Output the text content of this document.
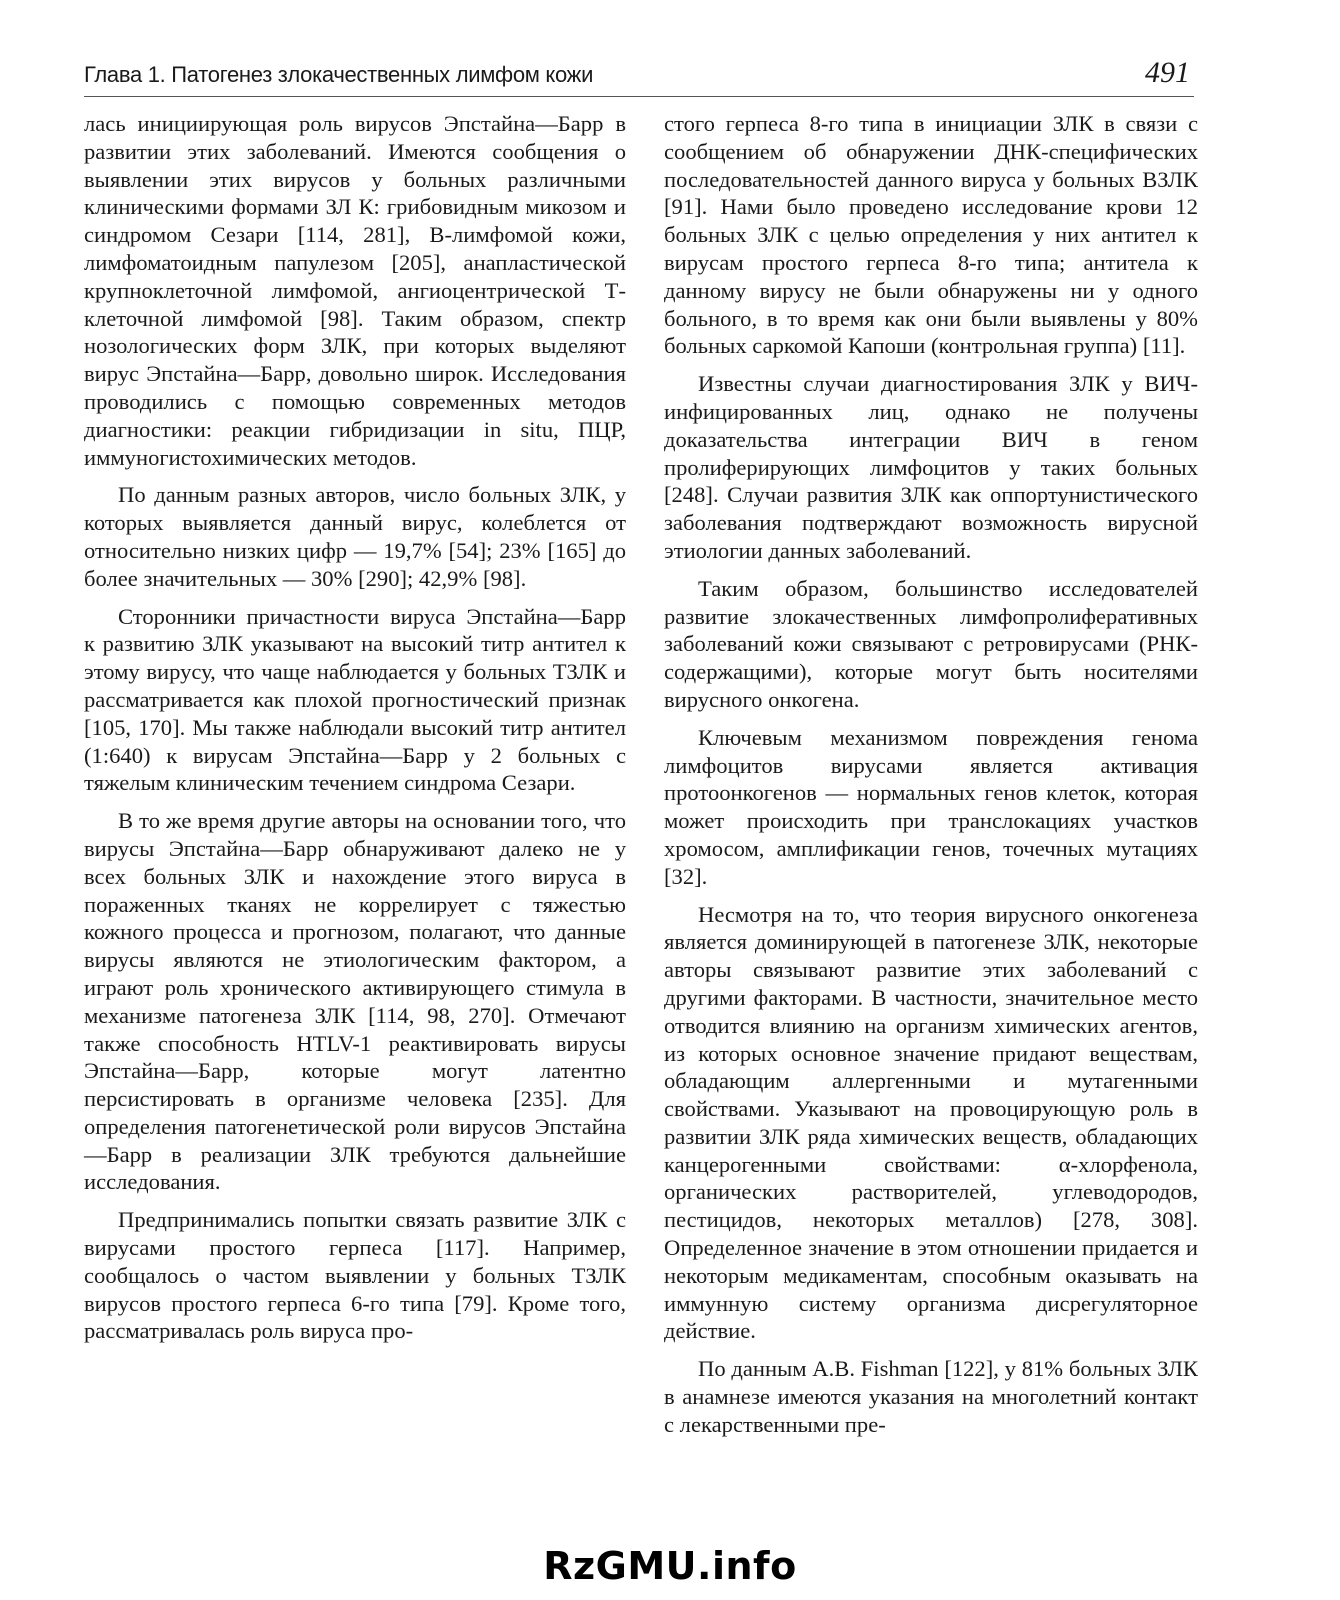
Глава 1. Патогенез злокачественных лимфом кожи	491

лась инициирующая роль вирусов Эпстайна—Барр в развитии этих заболеваний. Имеются сообщения о выявлении этих вирусов у больных различными клиническими формами ЗЛ К: грибовидным микозом и синдромом Сезари [114, 281], В-лимфомой кожи, лимфоматоидным папулезом [205], анапластической крупноклеточной лимфомой, ангиоцентрической Т-клеточной лимфомой [98]. Таким образом, спектр нозологических форм ЗЛК, при которых выделяют вирус Эпстайна—Барр, довольно широк. Исследования проводились с помощью современных методов диагностики: реакции гибридизации in situ, ПЦР, иммуногистохимических методов.

По данным разных авторов, число больных ЗЛК, у которых выявляется данный вирус, колеблется от относительно низких цифр — 19,7% [54]; 23% [165] до более значительных — 30% [290]; 42,9% [98].

Сторонники причастности вируса Эпстайна—Барр к развитию ЗЛК указывают на высокий титр антител к этому вирусу, что чаще наблюдается у больных ТЗЛК и рассматривается как плохой прогностический признак [105, 170]. Мы также наблюдали высокий титр антител (1:640) к вирусам Эпстайна—Барр у 2 больных с тяжелым клиническим течением синдрома Сезари.

В то же время другие авторы на основании того, что вирусы Эпстайна—Барр обнаруживают далеко не у всех больных ЗЛК и нахождение этого вируса в пораженных тканях не коррелирует с тяжестью кожного процесса и прогнозом, полагают, что данные вирусы являются не этиологическим фактором, а играют роль хронического активирующего стимула в механизме патогенеза ЗЛК [114, 98, 270]. Отмечают также способность HTLV-1 реактивировать вирусы Эпстайна—Барр, которые могут латентно персистировать в организме человека [235]. Для определения патогенетической роли вирусов Эпстайна—Барр в реализации ЗЛК требуются дальнейшие исследования.

Предпринимались попытки связать развитие ЗЛК с вирусами простого герпеса [117]. Например, сообщалось о частом выявлении у больных ТЗЛК вирусов простого герпеса 6-го типа [79]. Кроме того, рассматривалась роль вируса про-

стого герпеса 8-го типа в инициации ЗЛК в связи с сообщением об обнаружении ДНК-специфических последовательностей данного вируса у больных ВЗЛК [91]. Нами было проведено исследование крови 12 больных ЗЛК с целью определения у них антител к вирусам простого герпеса 8-го типа; антитела к данному вирусу не были обнаружены ни у одного больного, в то время как они были выявлены у 80% больных саркомой Капоши (контрольная группа) [11].

Известны случаи диагностирования ЗЛК у ВИЧ-инфицированных лиц, однако не получены доказательства интеграции ВИЧ в геном пролиферирующих лимфоцитов у таких больных [248]. Случаи развития ЗЛК как оппортунистического заболевания подтверждают возможность вирусной этиологии данных заболеваний.

Таким образом, большинство исследователей развитие злокачественных лимфопролиферативных заболеваний кожи связывают с ретровирусами (РНК-содержащими), которые могут быть носителями вирусного онкогена.

Ключевым механизмом повреждения генома лимфоцитов вирусами является активация протоонкогенов — нормальных генов клеток, которая может происходить при транслокациях участков хромосом, амплификации генов, точечных мутациях [32].

Несмотря на то, что теория вирусного онкогенеза является доминирующей в патогенезе ЗЛК, некоторые авторы связывают развитие этих заболеваний с другими факторами. В частности, значительное место отводится влиянию на организм химических агентов, из которых основное значение придают веществам, обладающим аллергенными и мутагенными свойствами. Указывают на провоцирующую роль в развитии ЗЛК ряда химических веществ, обладающих канцерогенными свойствами: α-хлорфенола, органических растворителей, углеводородов, пестицидов, некоторых металлов) [278, 308]. Определенное значение в этом отношении придается и некоторым медикаментам, способным оказывать на иммунную систему организма дисрегуляторное действие.

По данным А.В. Fishman [122], у 81% больных ЗЛК в анамнезе имеются указания на многолетний контакт с лекарственными пре-

RzGMU.info
